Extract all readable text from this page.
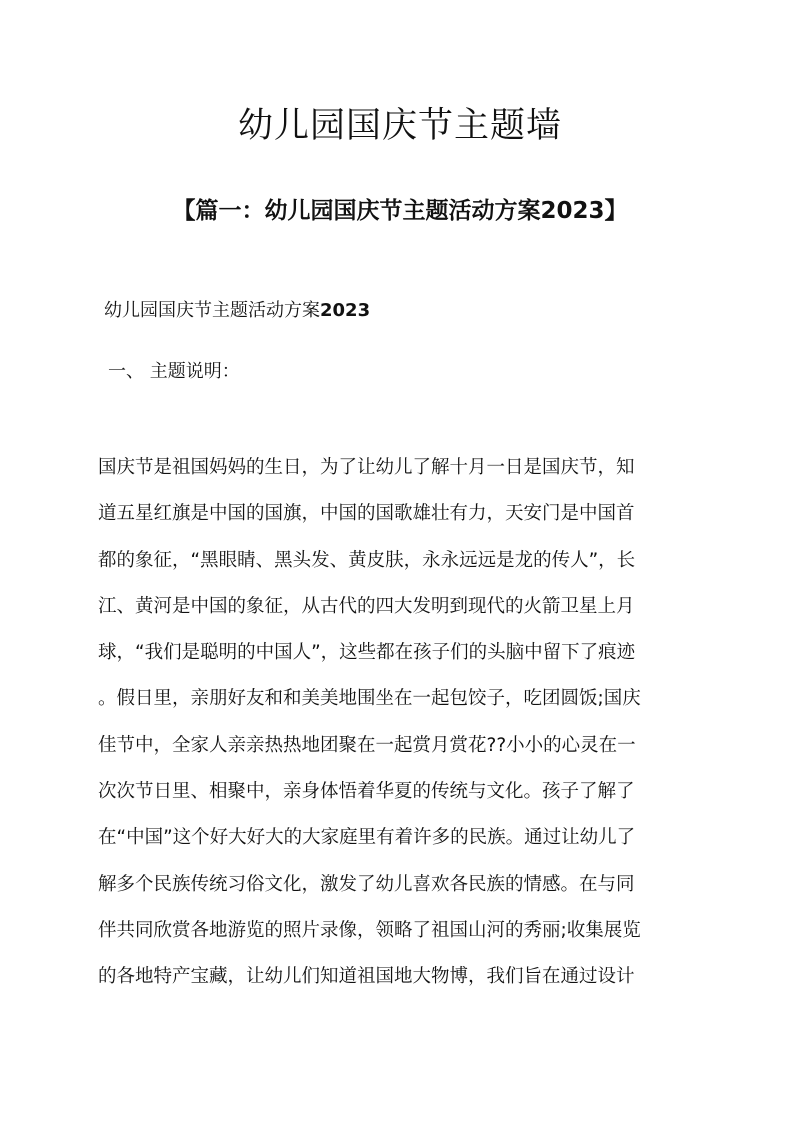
幼儿园国庆节主题墙
【篇一：幼儿园国庆节主题活动方案2023】

幼儿园国庆节主题活动方案2023

一、 主题说明：

国庆节是祖国妈妈的生日，为了让幼儿了解十月一日是国庆节，知
道五星红旗是中国的国旗，中国的国歌雄壮有力，天安门是中国首
都的象征，“黑眼睛、黑头发、黄皮肤，永永远远是龙的传人”，长
江、黄河是中国的象征，从古代的四大发明到现代的火箭卫星上月
球，“我们是聪明的中国人”，这些都在孩子们的头脑中留下了痕迹
。假日里，亲朋好友和和美美地围坐在一起包饺子，吃团圆饭;国庆
佳节中，全家人亲亲热热地团聚在一起赏月赏花??小小的心灵在一
次次节日里、相聚中，亲身体悟着华夏的传统与文化。孩子了解了
在“中国”这个好大好大的大家庭里有着许多的民族。通过让幼儿了
解多个民族传统习俗文化，激发了幼儿喜欢各民族的情感。在与同
伴共同欣赏各地游览的照片录像，领略了祖国山河的秀丽;收集展览
的各地特产宝藏，让幼儿们知道祖国地大物博，我们旨在通过设计
